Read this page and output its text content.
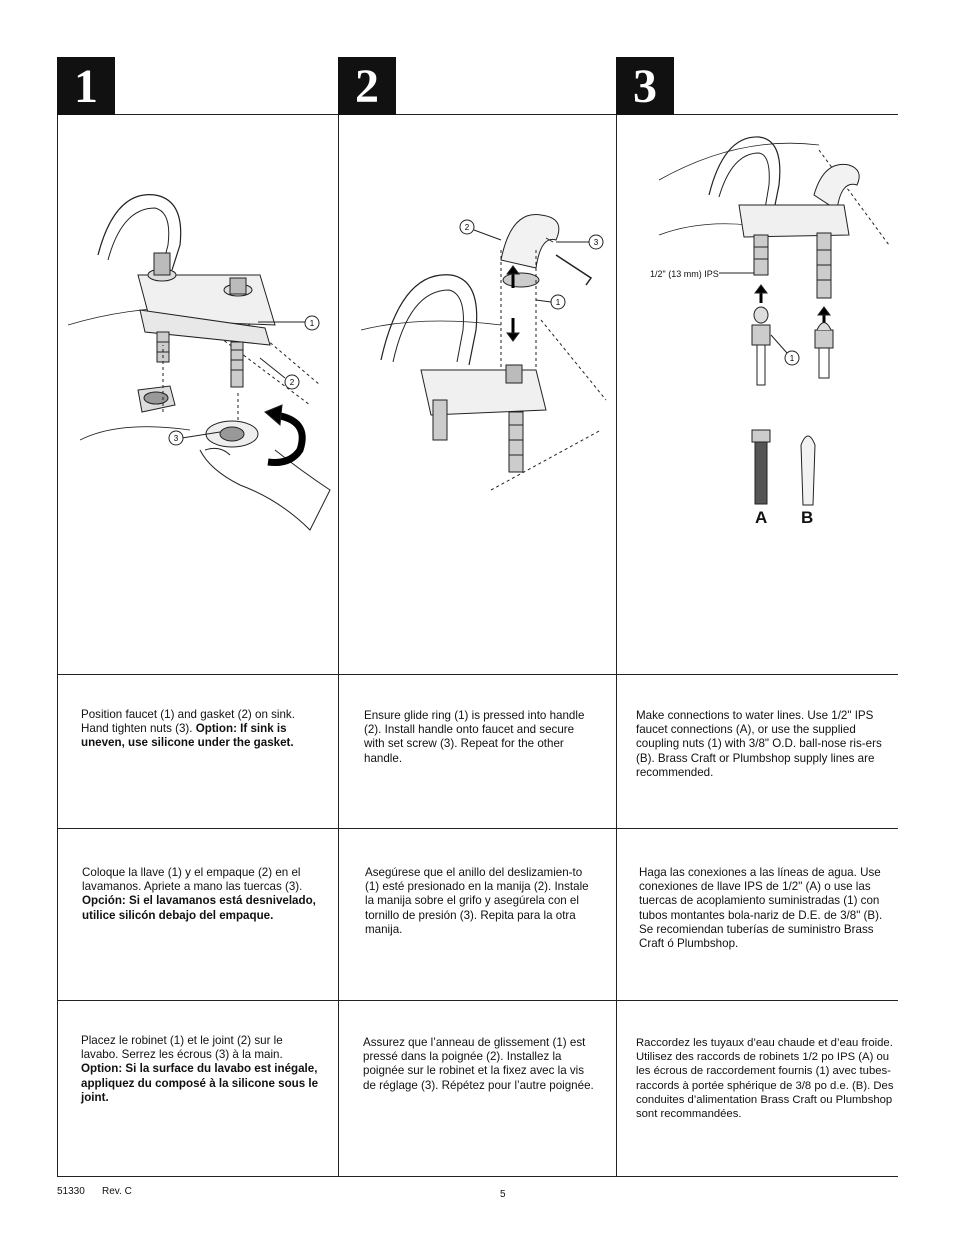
1	2	3
1
2
3
2
3
1
1
1/2" (13 mm) IPS
A B
Position faucet (1) and gasket (2) on sink. Hand tighten nuts (3). Option: If sink is uneven, use silicone under the gasket.
Ensure glide ring (1) is pressed into handle (2). Install handle onto faucet and secure with set screw (3). Repeat for the other handle.
Make connections to water lines. Use 1/2" IPS faucet connections (A), or use the supplied coupling nuts (1) with 3/8" O.D. ball-nose ris-ers (B). Brass Craft or Plumbshop supply lines are recommended.
Coloque la llave (1) y el empaque (2) en el lavamanos. Apriete a mano las tuercas (3). Opción: Si el lavamanos está desnivelado, utilice silicón debajo del empaque.
Asegúrese que el anillo del deslizamien-to (1) esté presionado en la manija (2). Instale la manija sobre el grifo y asegúrela con el tornillo de presión (3). Repita para la otra manija.
Haga las conexiones a las líneas de agua. Use conexiones de llave IPS de 1/2" (A) o use las tuercas de acoplamiento suministradas (1) con tubos montantes bola-nariz de D.E. de 3/8" (B). Se recomiendan tuberías de suministro Brass Craft ó Plumbshop.
Placez le robinet (1) et le joint (2) sur le lavabo. Serrez les écrous (3) à la main. Option: Si la surface du lavabo est inégale, appliquez du composé à la silicone sous le joint.
Assurez que l’anneau de glissement (1) est pressé dans la poignée (2). Installez la poignée sur le robinet et la fixez avec la vis de réglage (3). Répétez pour l’autre poignée.
Raccordez les tuyaux d’eau chaude et d’eau froide. Utilisez des raccords de robinets 1/2 po IPS (A) ou les écrous de raccordement fournis (1) avec tubes-raccords à portée sphérique de 3/8 po d.e. (B). Des conduites d’alimentation Brass Craft ou Plumbshop sont recommandées.
51330 Rev. C	5
